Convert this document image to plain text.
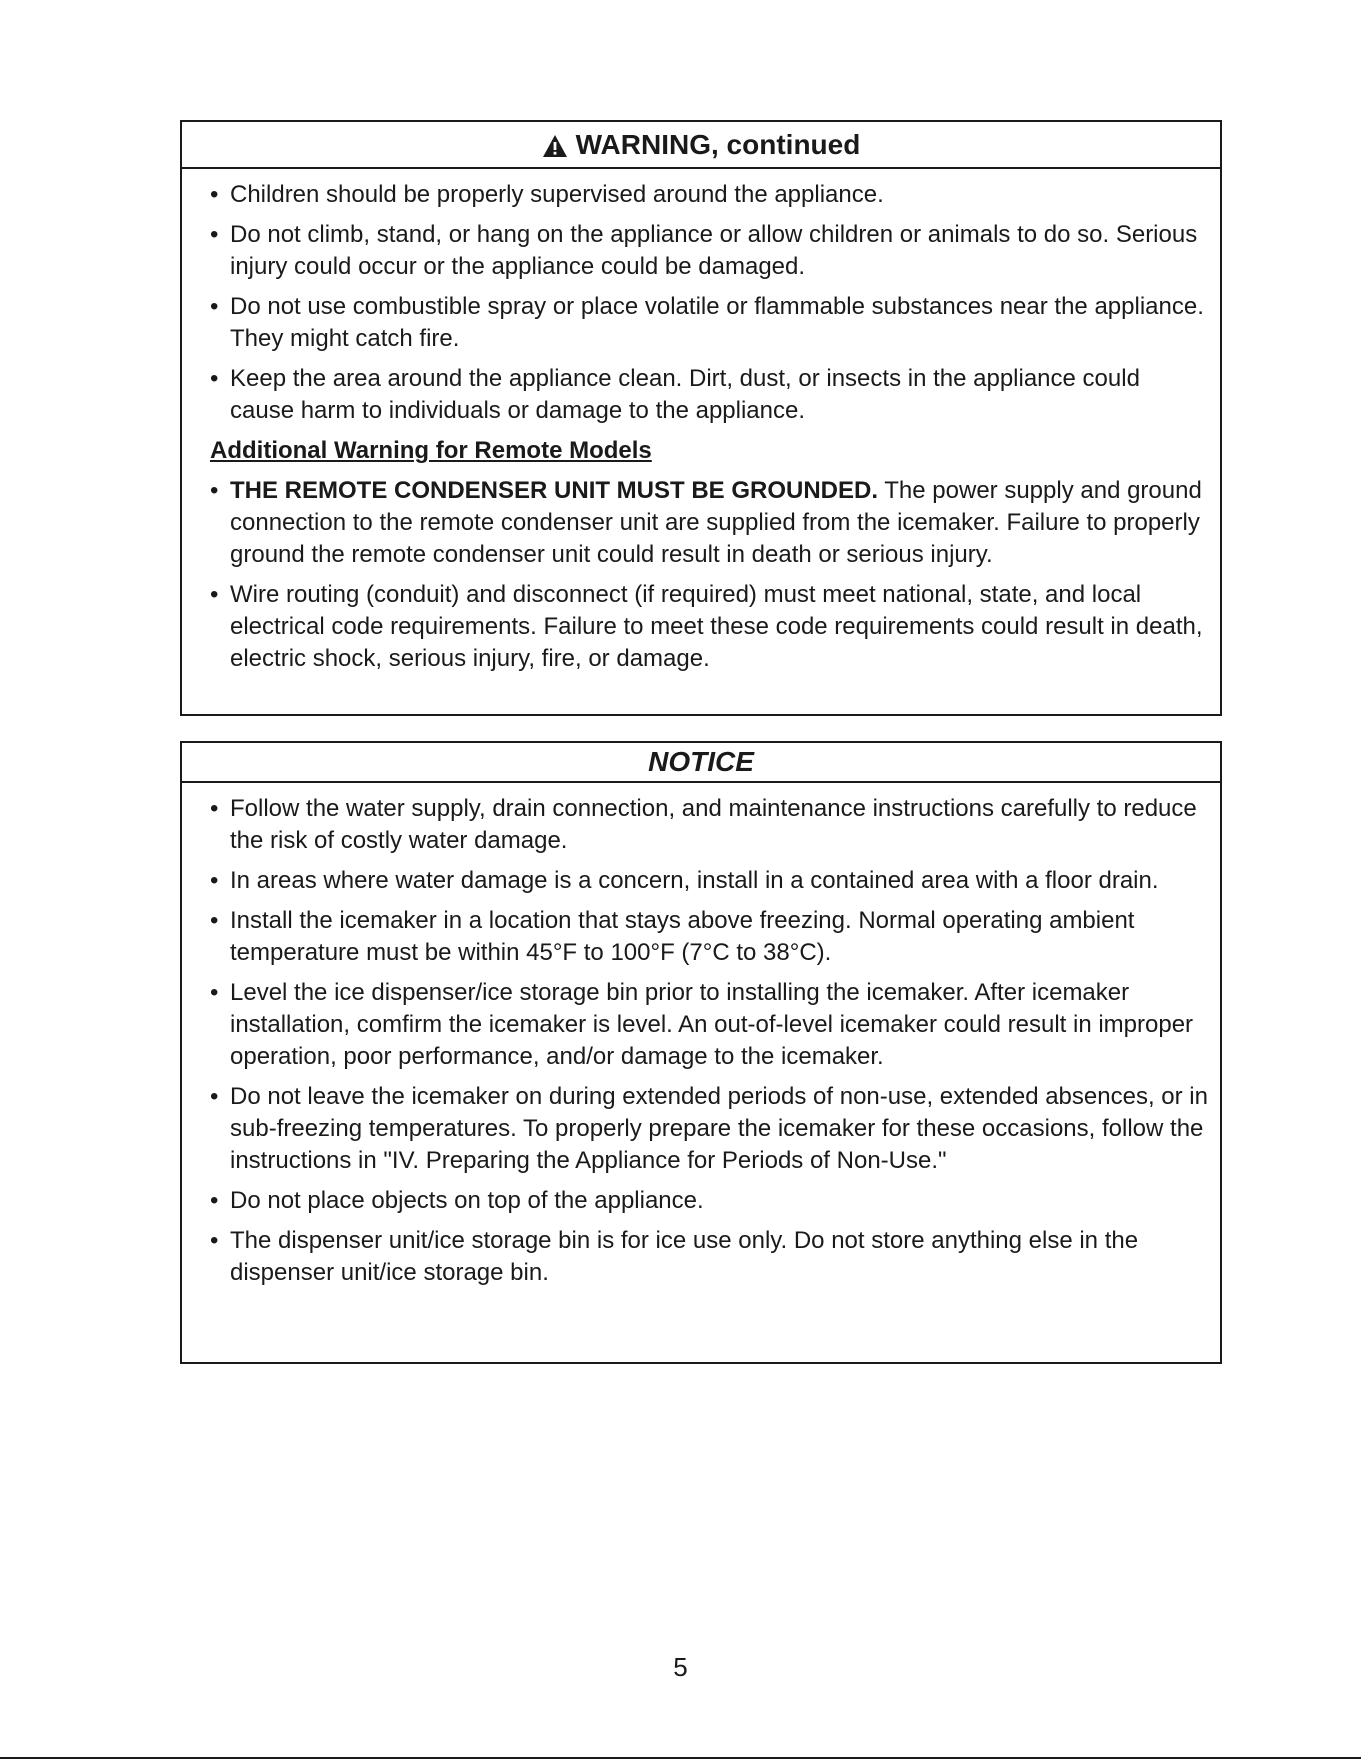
WARNING, continued
• Children should be properly supervised around the appliance.
• Do not climb, stand, or hang on the appliance or allow children or animals to do so. Serious injury could occur or the appliance could be damaged.
• Do not use combustible spray or place volatile or flammable substances near the appliance. They might catch fire.
• Keep the area around the appliance clean. Dirt, dust, or insects in the appliance could cause harm to individuals or damage to the appliance.
Additional Warning for Remote Models
• THE REMOTE CONDENSER UNIT MUST BE GROUNDED. The power supply and ground connection to the remote condenser unit are supplied from the icemaker. Failure to properly ground the remote condenser unit could result in death or serious injury.
• Wire routing (conduit) and disconnect (if required) must meet national, state, and local electrical code requirements. Failure to meet these code requirements could result in death, electric shock, serious injury, fire, or damage.
NOTICE
• Follow the water supply, drain connection, and maintenance instructions carefully to reduce the risk of costly water damage.
• In areas where water damage is a concern, install in a contained area with a floor drain.
• Install the icemaker in a location that stays above freezing. Normal operating ambient temperature must be within 45°F to 100°F (7°C to 38°C).
• Level the ice dispenser/ice storage bin prior to installing the icemaker. After icemaker installation, comfirm the icemaker is level. An out-of-level icemaker could result in improper operation, poor performance, and/or damage to the icemaker.
• Do not leave the icemaker on during extended periods of non-use, extended absences, or in sub-freezing temperatures. To properly prepare the icemaker for these occasions, follow the instructions in "IV. Preparing the Appliance for Periods of Non-Use."
• Do not place objects on top of the appliance.
• The dispenser unit/ice storage bin is for ice use only. Do not store anything else in the dispenser unit/ice storage bin.
5
